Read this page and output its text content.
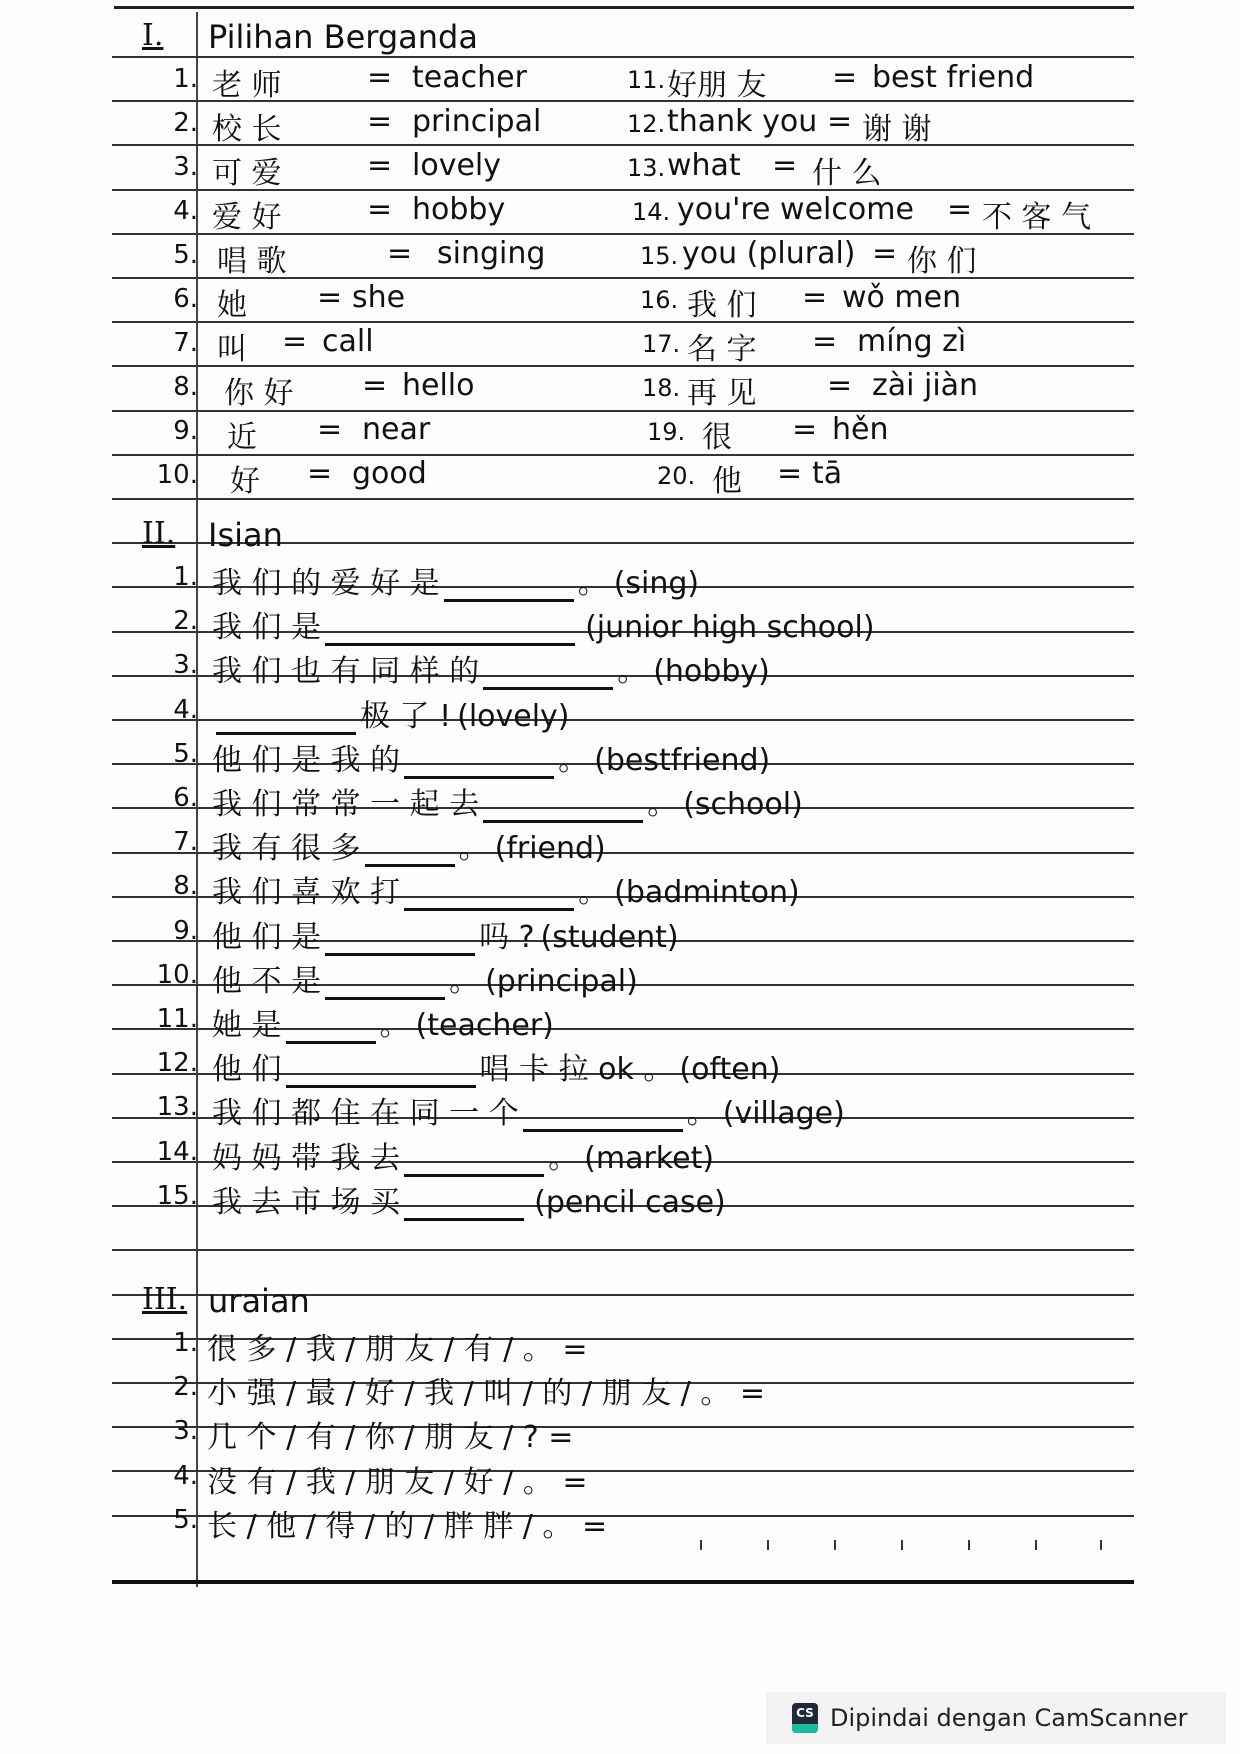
I. Pilihan Berganda
1. 老 师	= teacher	11. 好朋 友 = best friend
2. 校 长	= principal	12. thank you = 谢 谢
3. 可 爱	= lovely	13. what = 什 么
4. 爱 好	= hobby	14. you're welcome = 不 客 气
5. 唱 歌	= singing	15. you (plural) = 你 们
6. 她 = she	16. 我 们 = wǒ men
7. 叫 = call	17. 名 字 = míng zì
8. 你 好 = hello	18. 再 见 = zài jiàn
9. 近 = near	19. 很 = hěn
10. 好 = good	20. 他 = tā
II. Isian
1. 我 们 的 爱 好 是	。 (sing)
2. 我 们 是	(junior high school)
3. 我 们 也 有 同 样 的	。 (hobby)
4.	极 了 ! (lovely)
5. 他 们 是 我 的	。 (bestfriend)
6. 我 们 常 常 一 起 去	。 (school)
7. 我 有 很 多	。 (friend)
8. 我 们 喜 欢 打	。 (badminton)
9. 他 们 是	吗 ? (student)
10. 他 不 是	。 (principal)
11. 她 是	。 (teacher)
12. 他 们	唱 卡 拉 ok 。 (often)
13. 我 们 都 住 在 同 一 个	。 (village)
14. 妈 妈 带 我 去	。 (market)
15. 我 去 市 场 买	(pencil case)
III. uraian
1. 很 多 / 我 / 朋 友 / 有 / 。 =
2. 小 强 / 最 / 好 / 我 / 叫 / 的 / 朋 友 / 。 =
3. 几 个 / 有 / 你 / 朋 友 / ? =
4. 没 有 / 我 / 朋 友 / 好 / 。 =
5. 长 / 他 / 得 / 的 / 胖 胖 / 。 =
CS Dipindai dengan CamScanner
